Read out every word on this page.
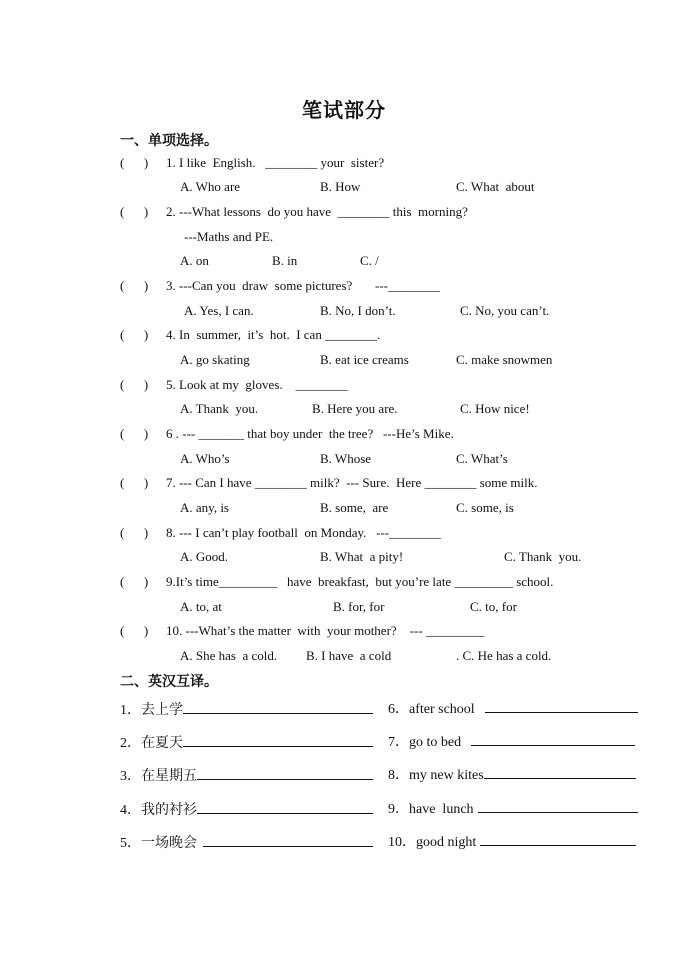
笔试部分
一、单项选择。
(      ) 1. I like  English.   ________ your  sister?
A. Who are	B. How	C. What  about
(      ) 2. ---What lessons  do you have  ________ this  morning?
---Maths and PE.
A. on	B. in	C. /
(      ) 3. ---Can you  draw  some pictures?       ---________
A. Yes, I can.	B. No, I don’t.	C. No, you can’t.
(      ) 4. In  summer,  it’s  hot.  I can ________.
A. go skating	B. eat ice creams	C. make snowmen
(      ) 5. Look at my  gloves.    ________
A. Thank  you.	B. Here you are.	C. How nice!
(      ) 6 . --- _______ that boy under  the tree?   ---He’s Mike.
A. Who’s	B. Whose	C. What’s
(      ) 7. --- Can I have ________ milk?  --- Sure.  Here ________ some milk.
A. any, is	B. some,  are	C. some, is
(      ) 8. --- I can’t play football  on Monday.   ---________
A. Good.	B. What  a pity!	C. Thank  you.
(      ) 9.It’s time_________   have  breakfast,  but you’re late _________ school.
A. to, at	B. for, for	C. to, for
(      ) 10. ---What’s the matter  with  your mother?    --- _________
A. She has  a cold. B. I have  a cold	. C. He has a cold.
二、英汉互译。
1．去上学	6．after school
2．在夏天	7．go to bed
3．在星期五	8．my new kites
4．我的衬衫	9．have  lunch
5．一场晚会	10．good night
